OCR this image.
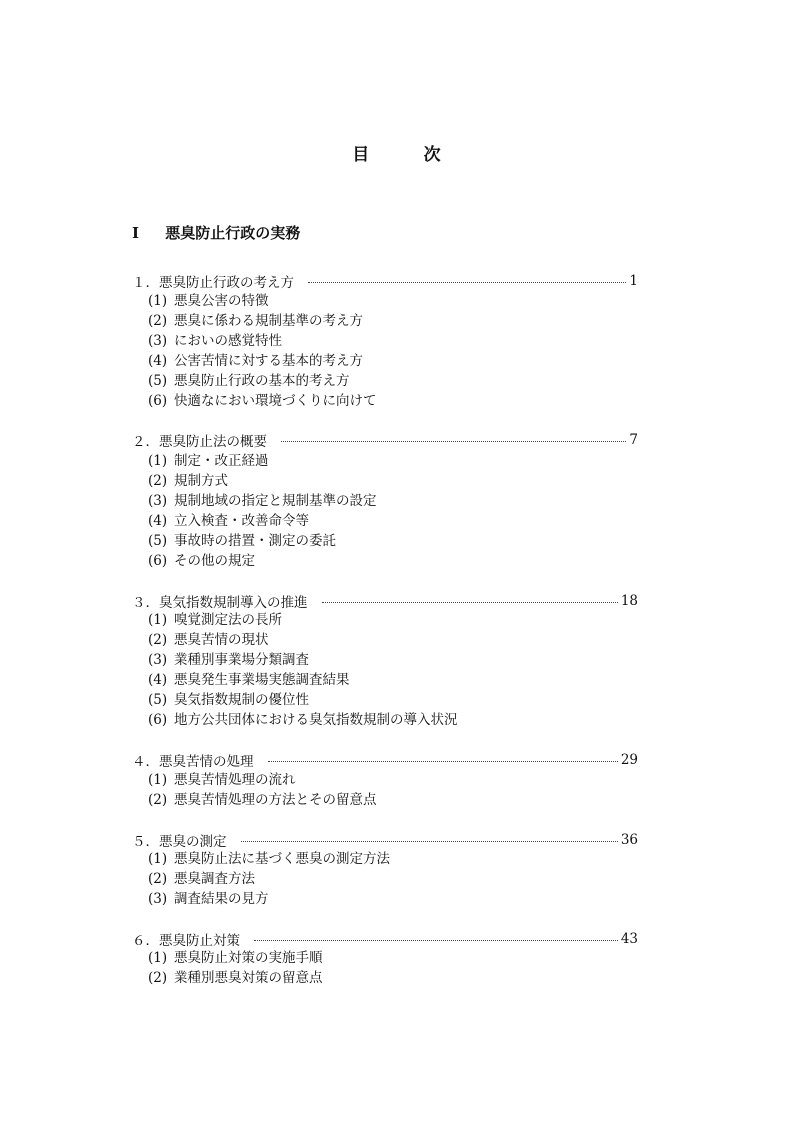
目　次
Ⅰ 悪臭防止行政の実務
１．悪臭防止行政の考え方	1
(1) 悪臭公害の特徴
(2) 悪臭に係わる規制基準の考え方
(3) においの感覚特性
(4) 公害苦情に対する基本的考え方
(5) 悪臭防止行政の基本的考え方
(6) 快適なにおい環境づくりに向けて
２．悪臭防止法の概要	7
(1) 制定・改正経過
(2) 規制方式
(3) 規制地域の指定と規制基準の設定
(4) 立入検査・改善命令等
(5) 事故時の措置・測定の委託
(6) その他の規定
３．臭気指数規制導入の推進	18
(1) 嗅覚測定法の長所
(2) 悪臭苦情の現状
(3) 業種別事業場分類調査
(4) 悪臭発生事業場実態調査結果
(5) 臭気指数規制の優位性
(6) 地方公共団体における臭気指数規制の導入状況
４．悪臭苦情の処理	29
(1) 悪臭苦情処理の流れ
(2) 悪臭苦情処理の方法とその留意点
５．悪臭の測定	36
(1) 悪臭防止法に基づく悪臭の測定方法
(2) 悪臭調査方法
(3) 調査結果の見方
６．悪臭防止対策	43
(1) 悪臭防止対策の実施手順
(2) 業種別悪臭対策の留意点
